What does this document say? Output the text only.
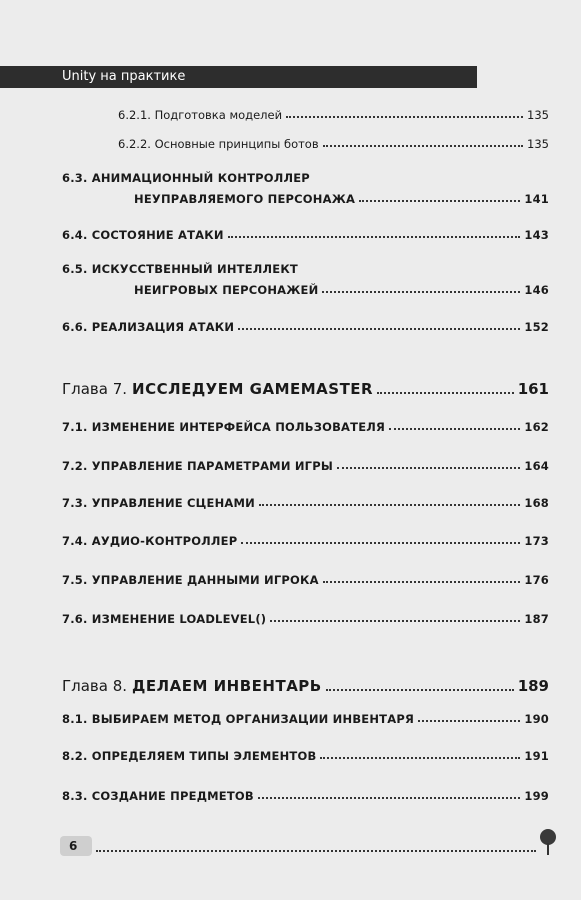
Unity на практике
6.2.1. Подготовка моделей	135
6.2.2. Основные принципы ботов	135
6.3. АНИМАЦИОННЫЙ КОНТРОЛЛЕР
НЕУПРАВЛЯЕМОГО ПЕРСОНАЖА	141
6.4. СОСТОЯНИЕ АТАКИ	143
6.5. ИСКУССТВЕННЫЙ ИНТЕЛЛЕКТ
НЕИГРОВЫХ ПЕРСОНАЖЕЙ	146
6.6. РЕАЛИЗАЦИЯ АТАКИ	152
Глава 7. ИССЛЕДУЕМ GAMEMASTER	161
7.1. ИЗМЕНЕНИЕ ИНТЕРФЕЙСА ПОЛЬЗОВАТЕЛЯ	162
7.2. УПРАВЛЕНИЕ ПАРАМЕТРАМИ ИГРЫ	164
7.3. УПРАВЛЕНИЕ СЦЕНАМИ	168
7.4. АУДИО-КОНТРОЛЛЕР	173
7.5. УПРАВЛЕНИЕ ДАННЫМИ ИГРОКА	176
7.6. ИЗМЕНЕНИЕ LOADLEVEL()	187
Глава 8. ДЕЛАЕМ ИНВЕНТАРЬ	189
8.1. ВЫБИРАЕМ МЕТОД ОРГАНИЗАЦИИ ИНВЕНТАРЯ	190
8.2. ОПРЕДЕЛЯЕМ ТИПЫ ЭЛЕМЕНТОВ	191
8.3. СОЗДАНИЕ ПРЕДМЕТОВ	199
6
